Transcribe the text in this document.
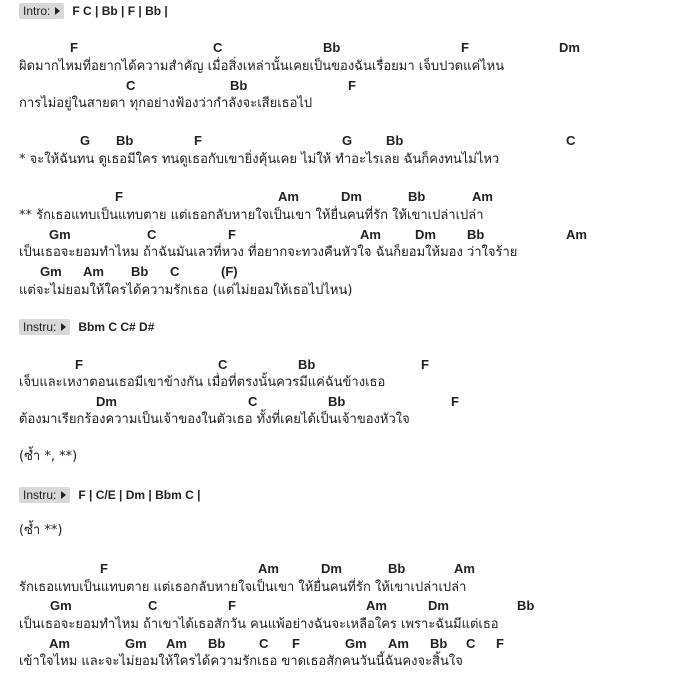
Intro: F C | Bb | F | Bb |
F	C	Bb	F	Dm
ผิดมากไหมที่อยากได้ความสำคัญ เมื่อสิ่งเหล่านั้นเคยเป็นของฉันเรื่อยมา เจ็บปวดแค่ไหน
C	Bb	F
การไม่อยู่ในสายตา ทุกอย่างฟ้องว่ากำลังจะเสียเธอไป
G Bb	F	G	Bb	C
* จะให้ฉันทน ดูเธอมีใคร ทนดูเธอกับเขายิ่งคุ้นเคย ไม่ให้ ทำอะไรเลย ฉันก็คงทนไม่ไหว
F	Am	Dm	Bb	Am
** รักเธอแทบเป็นแทบตาย แต่เธอกลับหายใจเป็นเขา ให้ยื่นคนที่รัก ให้เขาเปล่าเปล่า
Gm	C	F	Am	Dm Bb	Am
เป็นเธอจะยอมทำไหม ถ้าฉันมันเลวที่หวง ที่อยากจะทวงคืนหัวใจ ฉันก็ยอมให้มอง ว่าใจร้าย
Gm Am Bb C	(F)
แต่จะไม่ยอมให้ใครได้ความรักเธอ (แต่ไม่ยอมให้เธอไปไหน)
Instru: Bbm C C# D#
F	C	Bb	F
เจ็บและเหงาตอนเธอมีเขาข้างกัน เมื่อที่ตรงนั้นควรมีแค่ฉันข้างเธอ
Dm	C	Bb	F
ต้องมาเรียกร้องความเป็นเจ้าของในตัวเธอ ทั้งที่เคยได้เป็นเจ้าของหัวใจ
(ซ้ำ *, **)
Instru: F | C/E | Dm | Bbm C |
(ซ้ำ **)
F	Am	Dm	Bb	Am
รักเธอแทบเป็นแทบตาย แต่เธอกลับหายใจเป็นเขา ให้ยื่นคนที่รัก ให้เขาเปล่าเปล่า
Gm	C	F	Am	Dm	Bb
เป็นเธอจะยอมทำไหม ถ้าเขาได้เธอสักวัน คนแพ้อย่างฉันจะเหลือใคร เพราะฉันมีแต่เธอ
Am	Gm Am Bb	C F	Gm Am Bb C F
เข้าใจไหม และจะไม่ยอมให้ใครได้ความรักเธอ ขาดเธอสักคนวันนี้ฉันคงจะสิ้นใจ
